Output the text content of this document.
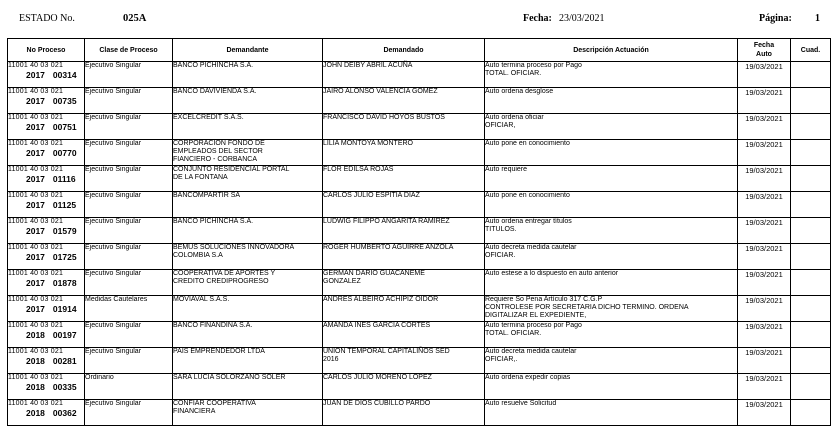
ESTADO No.	025A	Fecha: 23/03/2021	Página: 1
No Proceso	Clase de Proceso	Demandante	Demandado	Descripción Actuación	Fecha
Auto	Cuad.

11001 40 03 021
2017 00314	Ejecutivo Singular	BANCO PICHINCHA S.A.	JOHN DEIBY ABRIL ACUÑA	Auto termina proceso por Pago
TOTAL. OFICIAR.	19/03/2021	

11001 40 03 021
2017 00735	Ejecutivo Singular	BANCO DAVIVIENDA S.A.	JAIRO ALONSO VALENCIA GOMEZ	Auto ordena desglose	19/03/2021	

11001 40 03 021
2017 00751	Ejecutivo Singular	EXCELCREDIT S.A.S.	FRANCISCO DAVID HOYOS BUSTOS	Auto ordena oficiar
OFICIAR,	19/03/2021	

11001 40 03 021
2017 00770	Ejecutivo Singular	CORPORACION FONDO DE
EMPLEADOS DEL SECTOR
FIANCIERO - CORBANCA	LILIA MONTOYA MONTERO	Auto pone en conocimiento	19/03/2021	

11001 40 03 021
2017 01116	Ejecutivo Singular	CONJUNTO RESIDENCIAL PORTAL
DE LA FONTANA	FLOR EDILSA ROJAS	Auto requiere	19/03/2021	

11001 40 03 021
2017 01125	Ejecutivo Singular	BANCOMPARTIR SA	CARLOS JULIO ESPITIA DIAZ	Auto pone en conocimiento	19/03/2021	

11001 40 03 021
2017 01579	Ejecutivo Singular	BANCO PICHINCHA S.A.	LUDWIG FILIPPO ANGARITA RAMIREZ	Auto ordena entregar títulos
TITULOS.	19/03/2021	

11001 40 03 021
2017 01725	Ejecutivo Singular	BEMUS SOLUCIONES INNOVADORA
COLOMBIA S.A	ROGER HUMBERTO AGUIRRE ANZOLA	Auto decreta medida cautelar
OFICIAR.	19/03/2021	

11001 40 03 021
2017 01878	Ejecutivo Singular	COOPERATIVA DE APORTES Y
CREDITO CREDIPROGRESO	GERMAN DARIO GUACANEME
GONZALEZ	Auto estese a lo dispuesto en auto anterior	19/03/2021	

11001 40 03 021
2017 01914	Medidas Cautelares	MOVIAVAL S.A.S.	ANDRES ALBEIRO ACHIPIZ OIDOR	Requiere So Pena Artículo 317 C.G.P
CONTROLESE POR SECRETARIA DICHO TERMINO. ORDENA
DIGITALIZAR EL EXPEDIENTE,	19/03/2021	

11001 40 03 021
2018 00197	Ejecutivo Singular	BANCO FINANDINA S.A.	AMANDA INES GARCIA CORTES	Auto termina proceso por Pago
TOTAL. OFICIAR.	19/03/2021	

11001 40 03 021
2018 00281	Ejecutivo Singular	PAIS EMPRENDEDOR LTDA	UNION TEMPORAL CAPITALIÑOS SED
2016	Auto decreta medida cautelar
OFICIAR,.	19/03/2021	

11001 40 03 021
2018 00335	Ordinario	SARA LUCIA SOLORZANO SOLER	CARLOS JULIO MORENO LOPEZ	Auto ordena expedir copias	19/03/2021	

11001 40 03 021
2018 00362	Ejecutivo Singular	CONFIAR COOPERATIVA
FINANCIERA	JUAN DE DIOS CUBILLO PARDO	Auto resuelve Solicitud	19/03/2021	
